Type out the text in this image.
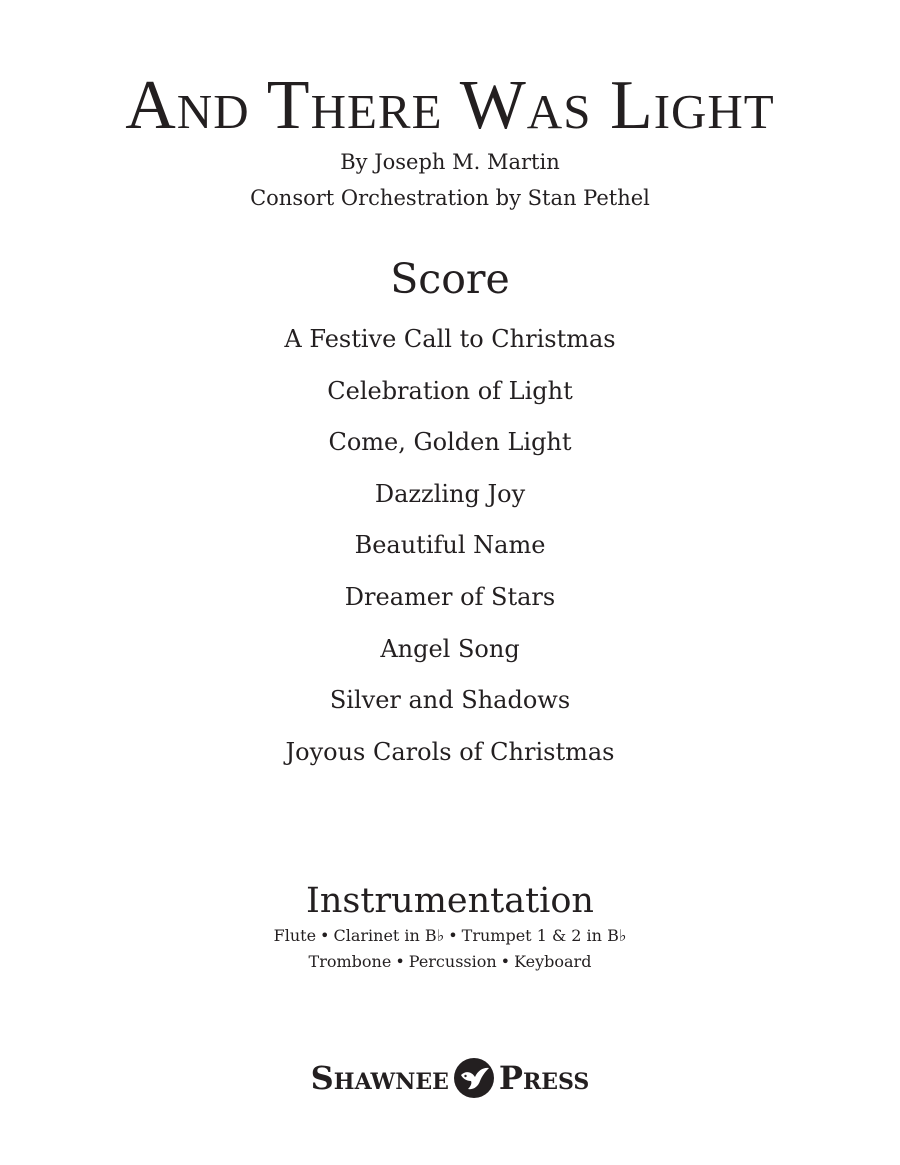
And There Was Light
By Joseph M. Martin
Consort Orchestration by Stan Pethel
Score
A Festive Call to Christmas
Celebration of Light
Come, Golden Light
Dazzling Joy
Beautiful Name
Dreamer of Stars
Angel Song
Silver and Shadows
Joyous Carols of Christmas
Instrumentation
Flute • Clarinet in B♭ • Trumpet 1 & 2 in B♭
Trombone • Percussion • Keyboard
Shawnee Press
